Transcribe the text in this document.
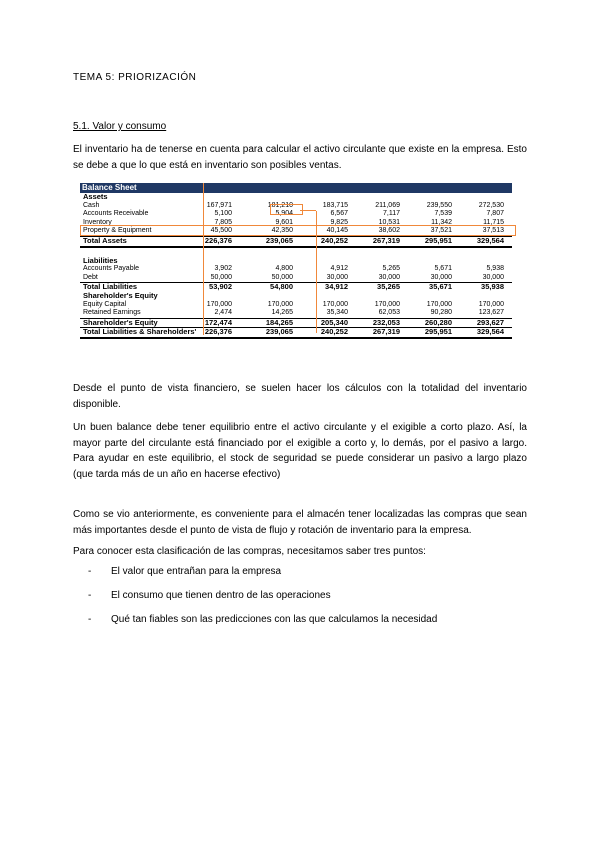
TEMA 5: PRIORIZACIÓN
5.1. Valor y consumo
El inventario ha de tenerse en cuenta para calcular el activo circulante que existe en la empresa. Esto se debe a que lo que está en inventario son posibles ventas.
Balance Sheet
Assets
Cash	167,971	181,210	183,715	211,069	239,550	272,530
Accounts Receivable	5,100	5,904	6,567	7,117	7,539	7,807
Inventory	7,805	9,601	9,825	10,531	11,342	11,715
Property & Equipment	45,500	42,350	40,145	38,602	37,521	37,513
Total Assets	226,376	239,065	240,252	267,319	295,951	329,564
Liabilities
Accounts Payable	3,902	4,800	4,912	5,265	5,671	5,938
Debt	50,000	50,000	30,000	30,000	30,000	30,000
Total Liabilities	53,902	54,800	34,912	35,265	35,671	35,938
Shareholder's Equity
Equity Capital	170,000	170,000	170,000	170,000	170,000	170,000
Retained Earnings	2,474	14,265	35,340	62,053	90,280	123,627
Shareholder's Equity	172,474	184,265	205,340	232,053	260,280	293,627
Total Liabilities & Shareholders'	226,376	239,065	240,252	267,319	295,951	329,564
Desde el punto de vista financiero, se suelen hacer los cálculos con la totalidad del inventario disponible.
Un buen balance debe tener equilibrio entre el activo circulante y el exigible a corto plazo. Así, la mayor parte del circulante está financiado por el exigible a corto y, lo demás, por el pasivo a largo. Para ayudar en este equilibrio, el stock de seguridad se puede considerar un pasivo a largo plazo (que tarda más de un año en hacerse efectivo)
Como se vio anteriormente, es conveniente para el almacén tener localizadas las compras que sean más importantes desde el punto de vista de flujo y rotación de inventario para la empresa.
Para conocer esta clasificación de las compras, necesitamos saber tres puntos:
- El valor que entrañan para la empresa
- El consumo que tienen dentro de las operaciones
- Qué tan fiables son las predicciones con las que calculamos la necesidad
